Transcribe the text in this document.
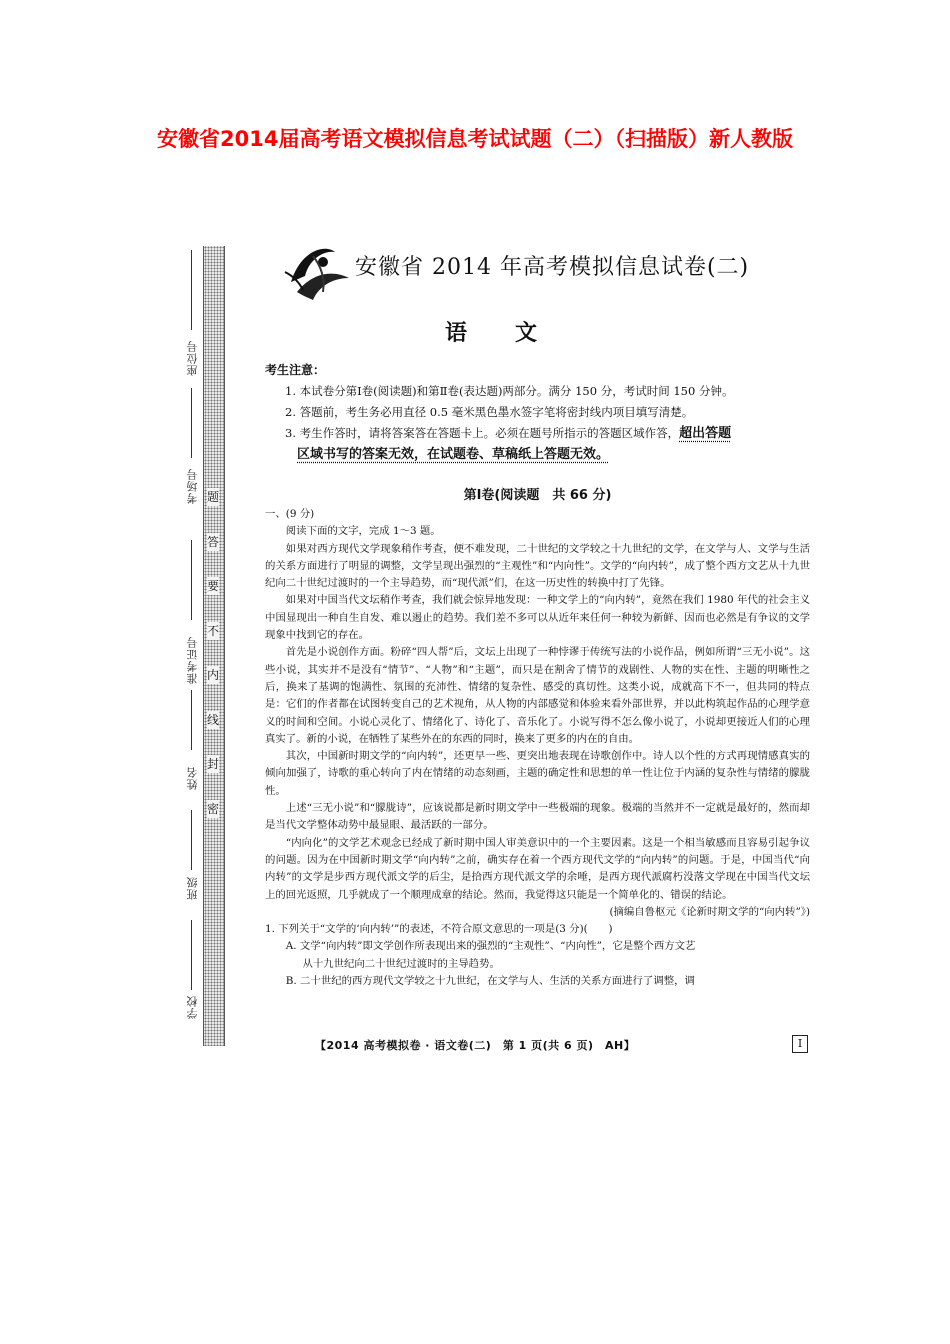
安徽省2014届高考语文模拟信息考试试题（二）（扫描版）新人教版
座位号
考场号
准考证号
姓名
班级
学校
题
答
要
不
内
线
封
密
安徽省 2014 年高考模拟信息试卷(二)
语文
考生注意：
1. 本试卷分第Ⅰ卷(阅读题)和第Ⅱ卷(表达题)两部分。满分 150 分，考试时间 150 分钟。
2. 答题前，考生务必用直径 0.5 毫米黑色墨水签字笔将密封线内项目填写清楚。
3. 考生作答时，请将答案答在答题卡上。必须在题号所指示的答题区域作答，超出答题
区域书写的答案无效，在试题卷、草稿纸上答题无效。
第Ⅰ卷(阅读题　共 66 分)

一、(9 分)

阅读下面的文字，完成 1～3 题。

如果对西方现代文学现象稍作考查，便不难发现，二十世纪的文学较之十九世纪的文学，在文学与人、文学与生活的关系方面进行了明显的调整，文学呈现出强烈的“主观性”和“内向性”。文学的“向内转”，成了整个西方文艺从十九世纪向二十世纪过渡时的一个主导趋势，而“现代派”们，在这一历史性的转换中打了先锋。

如果对中国当代文坛稍作考查，我们就会惊异地发现：一种文学上的“向内转”，竟然在我们 1980 年代的社会主义中国显现出一种自生自发、难以遏止的趋势。我们差不多可以从近年来任何一种较为新鲜、因而也必然是有争议的文学现象中找到它的存在。

首先是小说创作方面。粉碎“四人帮”后，文坛上出现了一种悖谬于传统写法的小说作品，例如所谓“三无小说”。这些小说，其实并不是没有“情节”、“人物”和“主题”，而只是在割舍了情节的戏剧性、人物的实在性、主题的明晰性之后，换来了基调的饱满性、氛围的充沛性、情绪的复杂性、感受的真切性。这类小说，成就高下不一，但共同的特点是：它们的作者都在试图转变自己的艺术视角，从人物的内部感觉和体验来看外部世界，并以此构筑起作品的心理学意义的时间和空间。小说心灵化了、情绪化了、诗化了、音乐化了。小说写得不怎么像小说了，小说却更接近人们的心理真实了。新的小说，在牺牲了某些外在的东西的同时，换来了更多的内在的自由。

其次，中国新时期文学的“向内转”，还更早一些、更突出地表现在诗歌创作中。诗人以个性的方式再现情感真实的倾向加强了，诗歌的重心转向了内在情绪的动态刻画，主题的确定性和思想的单一性让位于内涵的复杂性与情绪的朦胧性。

上述“三无小说”和“朦胧诗”，应该说都是新时期文学中一些极端的现象。极端的当然并不一定就是最好的，然而却是当代文学整体动势中最显眼、最活跃的一部分。

“内向化”的文学艺术观念已经成了新时期中国人审美意识中的一个主要因素。这是一个相当敏感而且容易引起争议的问题。因为在中国新时期文学“向内转”之前，确实存在着一个西方现代文学的“向内转”的问题。于是，中国当代“向内转”的文学是步西方现代派文学的后尘，是拾西方现代派文学的余唾，是西方现代派腐朽没落文学现在中国当代文坛上的回光返照，几乎就成了一个顺理成章的结论。然而，我觉得这只能是一个简单化的、错误的结论。

(摘编自鲁枢元《论新时期文学的“向内转”》)

1. 下列关于“文学的‘向内转’”的表述，不符合原文意思的一项是(3 分)(　　)

A. 文学“向内转”即文学创作所表现出来的强烈的“主观性”、“内向性”，它是整个西方文艺

从十九世纪向二十世纪过渡时的主导趋势。

B. 二十世纪的西方现代文学较之十九世纪，在文学与人、生活的关系方面进行了调整，调

【2014 高考模拟卷 · 语文卷(二)　第 1 页(共 6 页)　AH】	Ⅰ
